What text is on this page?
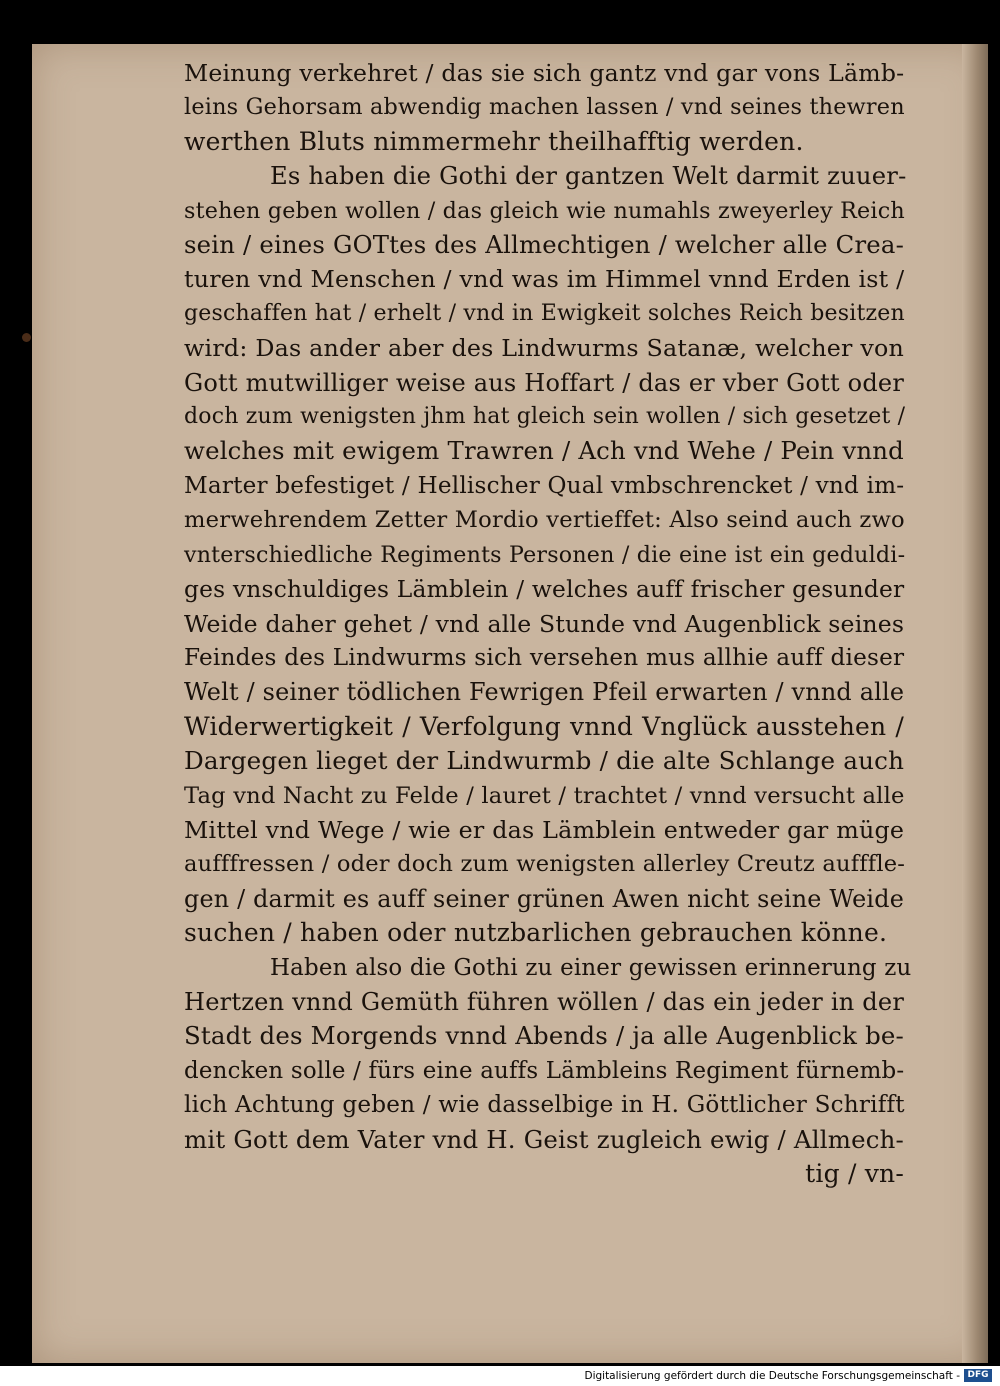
Meinung verkehret / das sie sich gantz vnd gar vons Lämb-
leins Gehorsam abwendig machen lassen / vnd seines thewren
werthen Bluts nimmermehr theilhafftig werden.
Es haben die Gothi der gantzen Welt darmit zuuer-
stehen geben wollen / das gleich wie numahls zweyerley Reich
sein / eines GOTtes des Allmechtigen / welcher alle Crea-
turen vnd Menschen / vnd was im Himmel vnnd Erden ist /
geschaffen hat / erhelt / vnd in Ewigkeit solches Reich besitzen
wird: Das ander aber des Lindwurms Satanæ, welcher von
Gott mutwilliger weise aus Hoffart / das er vber Gott oder
doch zum wenigsten jhm hat gleich sein wollen / sich gesetzet /
welches mit ewigem Trawren / Ach vnd Wehe / Pein vnnd
Marter befestiget / Hellischer Qual vmbschrencket / vnd im-
merwehrendem Zetter Mordio vertieffet: Also seind auch zwo
vnterschiedliche Regiments Personen / die eine ist ein geduldi-
ges vnschuldiges Lämblein / welches auff frischer gesunder
Weide daher gehet / vnd alle Stunde vnd Augenblick seines
Feindes des Lindwurms sich versehen mus allhie auff dieser
Welt / seiner tödlichen Fewrigen Pfeil erwarten / vnnd alle
Widerwertigkeit / Verfolgung vnnd Vnglück ausstehen /
Dargegen lieget der Lindwurmb / die alte Schlange auch
Tag vnd Nacht zu Felde / lauret / trachtet / vnnd versucht alle
Mittel vnd Wege / wie er das Lämblein entweder gar müge
aufffressen / oder doch zum wenigsten allerley Creutz aufffle-
gen / darmit es auff seiner grünen Awen nicht seine Weide
suchen / haben oder nutzbarlichen gebrauchen könne.
Haben also die Gothi zu einer gewissen erinnerung zu
Hertzen vnnd Gemüth führen wöllen / das ein jeder in der
Stadt des Morgends vnnd Abends / ja alle Augenblick be-
dencken solle / fürs eine auffs Lämbleins Regiment fürnemb-
lich Achtung geben / wie dasselbige in H. Göttlicher Schrifft
mit Gott dem Vater vnd H. Geist zugleich ewig / Allmech-
tig / vn-
Digitalisierung gefördert durch die Deutsche Forschungsgemeinschaft - DFG
